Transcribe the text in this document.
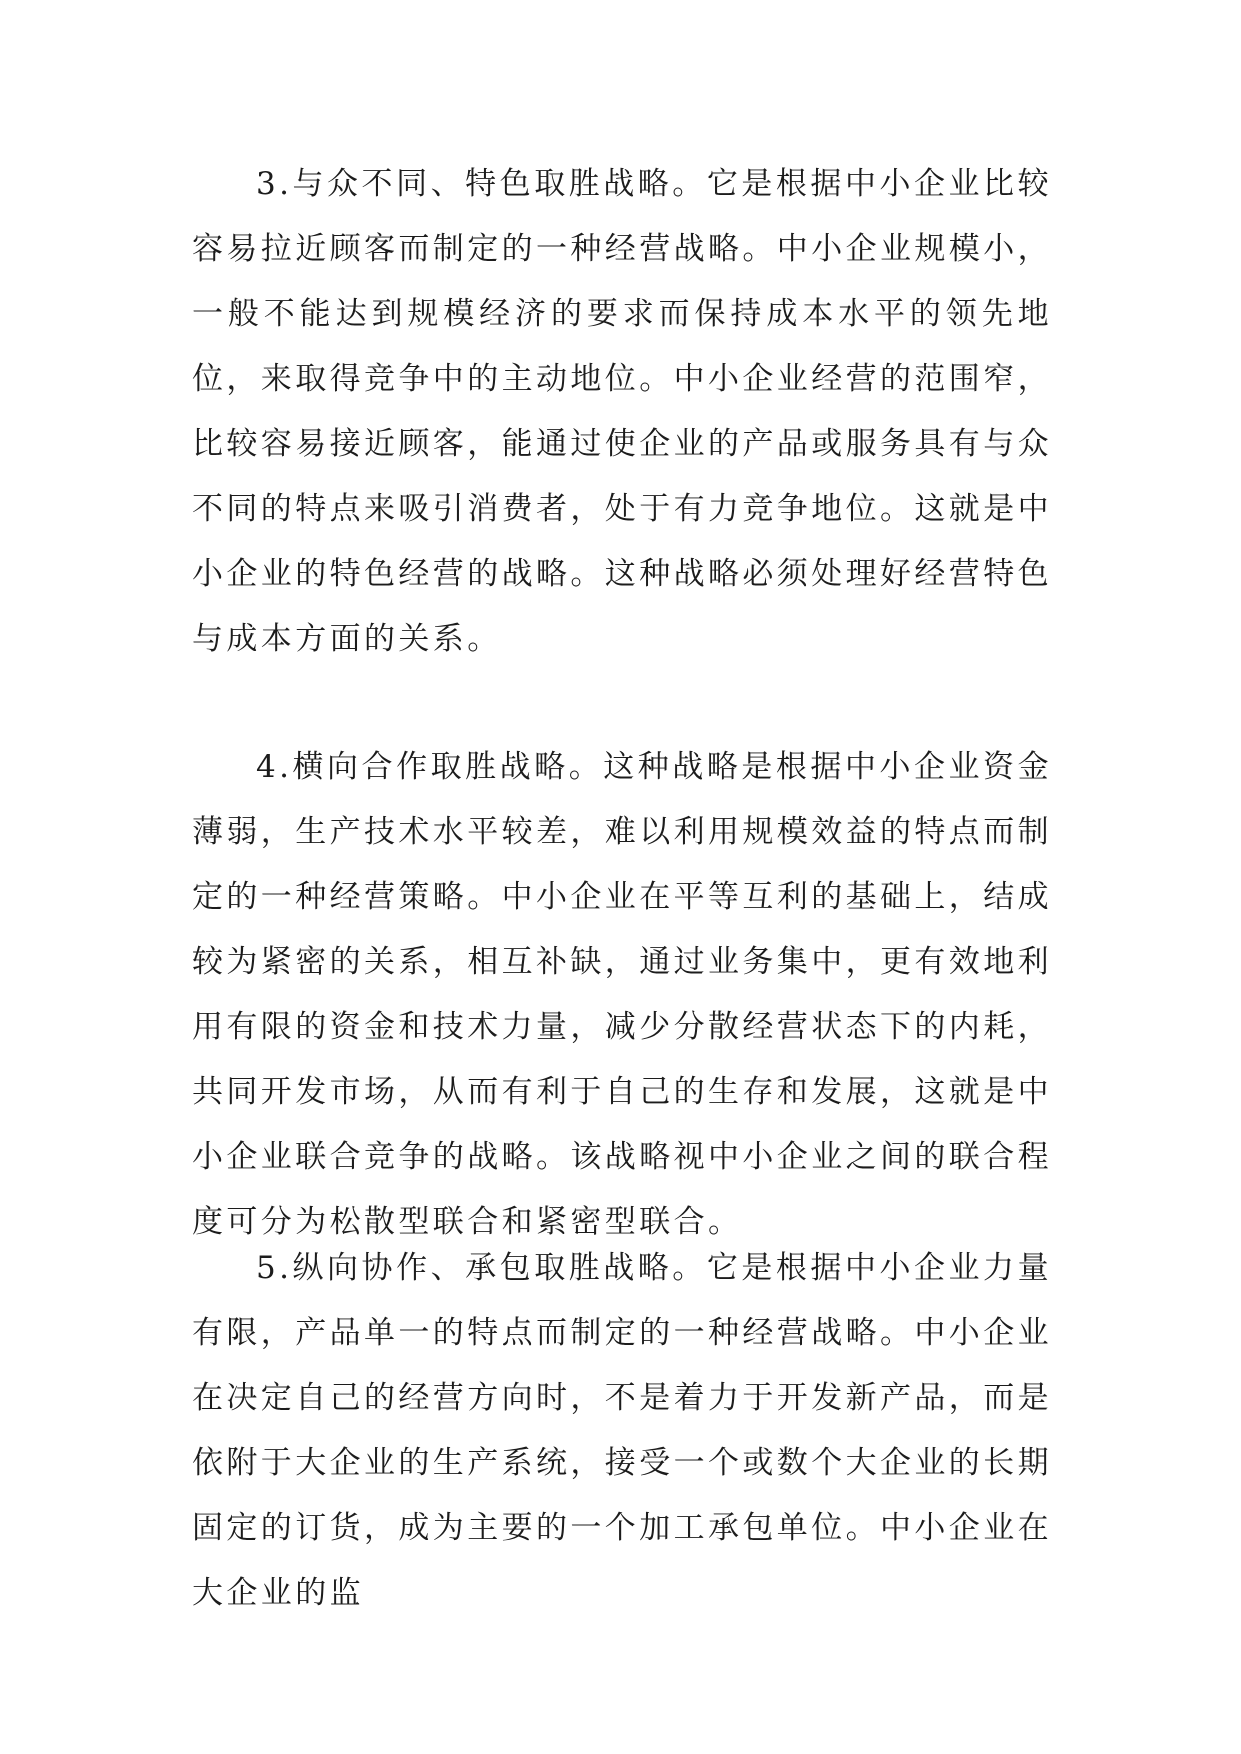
3.与众不同、特色取胜战略。它是根据中小企业比较容易拉近顾客而制定的一种经营战略。中小企业规模小，一般不能达到规模经济的要求而保持成本水平的领先地位，来取得竞争中的主动地位。中小企业经营的范围窄，比较容易接近顾客，能通过使企业的产品或服务具有与众不同的特点来吸引消费者，处于有力竞争地位。这就是中小企业的特色经营的战略。这种战略必须处理好经营特色与成本方面的关系。

4.横向合作取胜战略。这种战略是根据中小企业资金薄弱，生产技术水平较差，难以利用规模效益的特点而制定的一种经营策略。中小企业在平等互利的基础上，结成较为紧密的关系，相互补缺，通过业务集中，更有效地利用有限的资金和技术力量，减少分散经营状态下的内耗，共同开发市场，从而有利于自己的生存和发展，这就是中小企业联合竞争的战略。该战略视中小企业之间的联合程度可分为松散型联合和紧密型联合。

5.纵向协作、承包取胜战略。它是根据中小企业力量有限，产品单一的特点而制定的一种经营战略。中小企业在决定自己的经营方向时，不是着力于开发新产品，而是依附于大企业的生产系统，接受一个或数个大企业的长期固定的订货，成为主要的一个加工承包单位。中小企业在大企业的监
